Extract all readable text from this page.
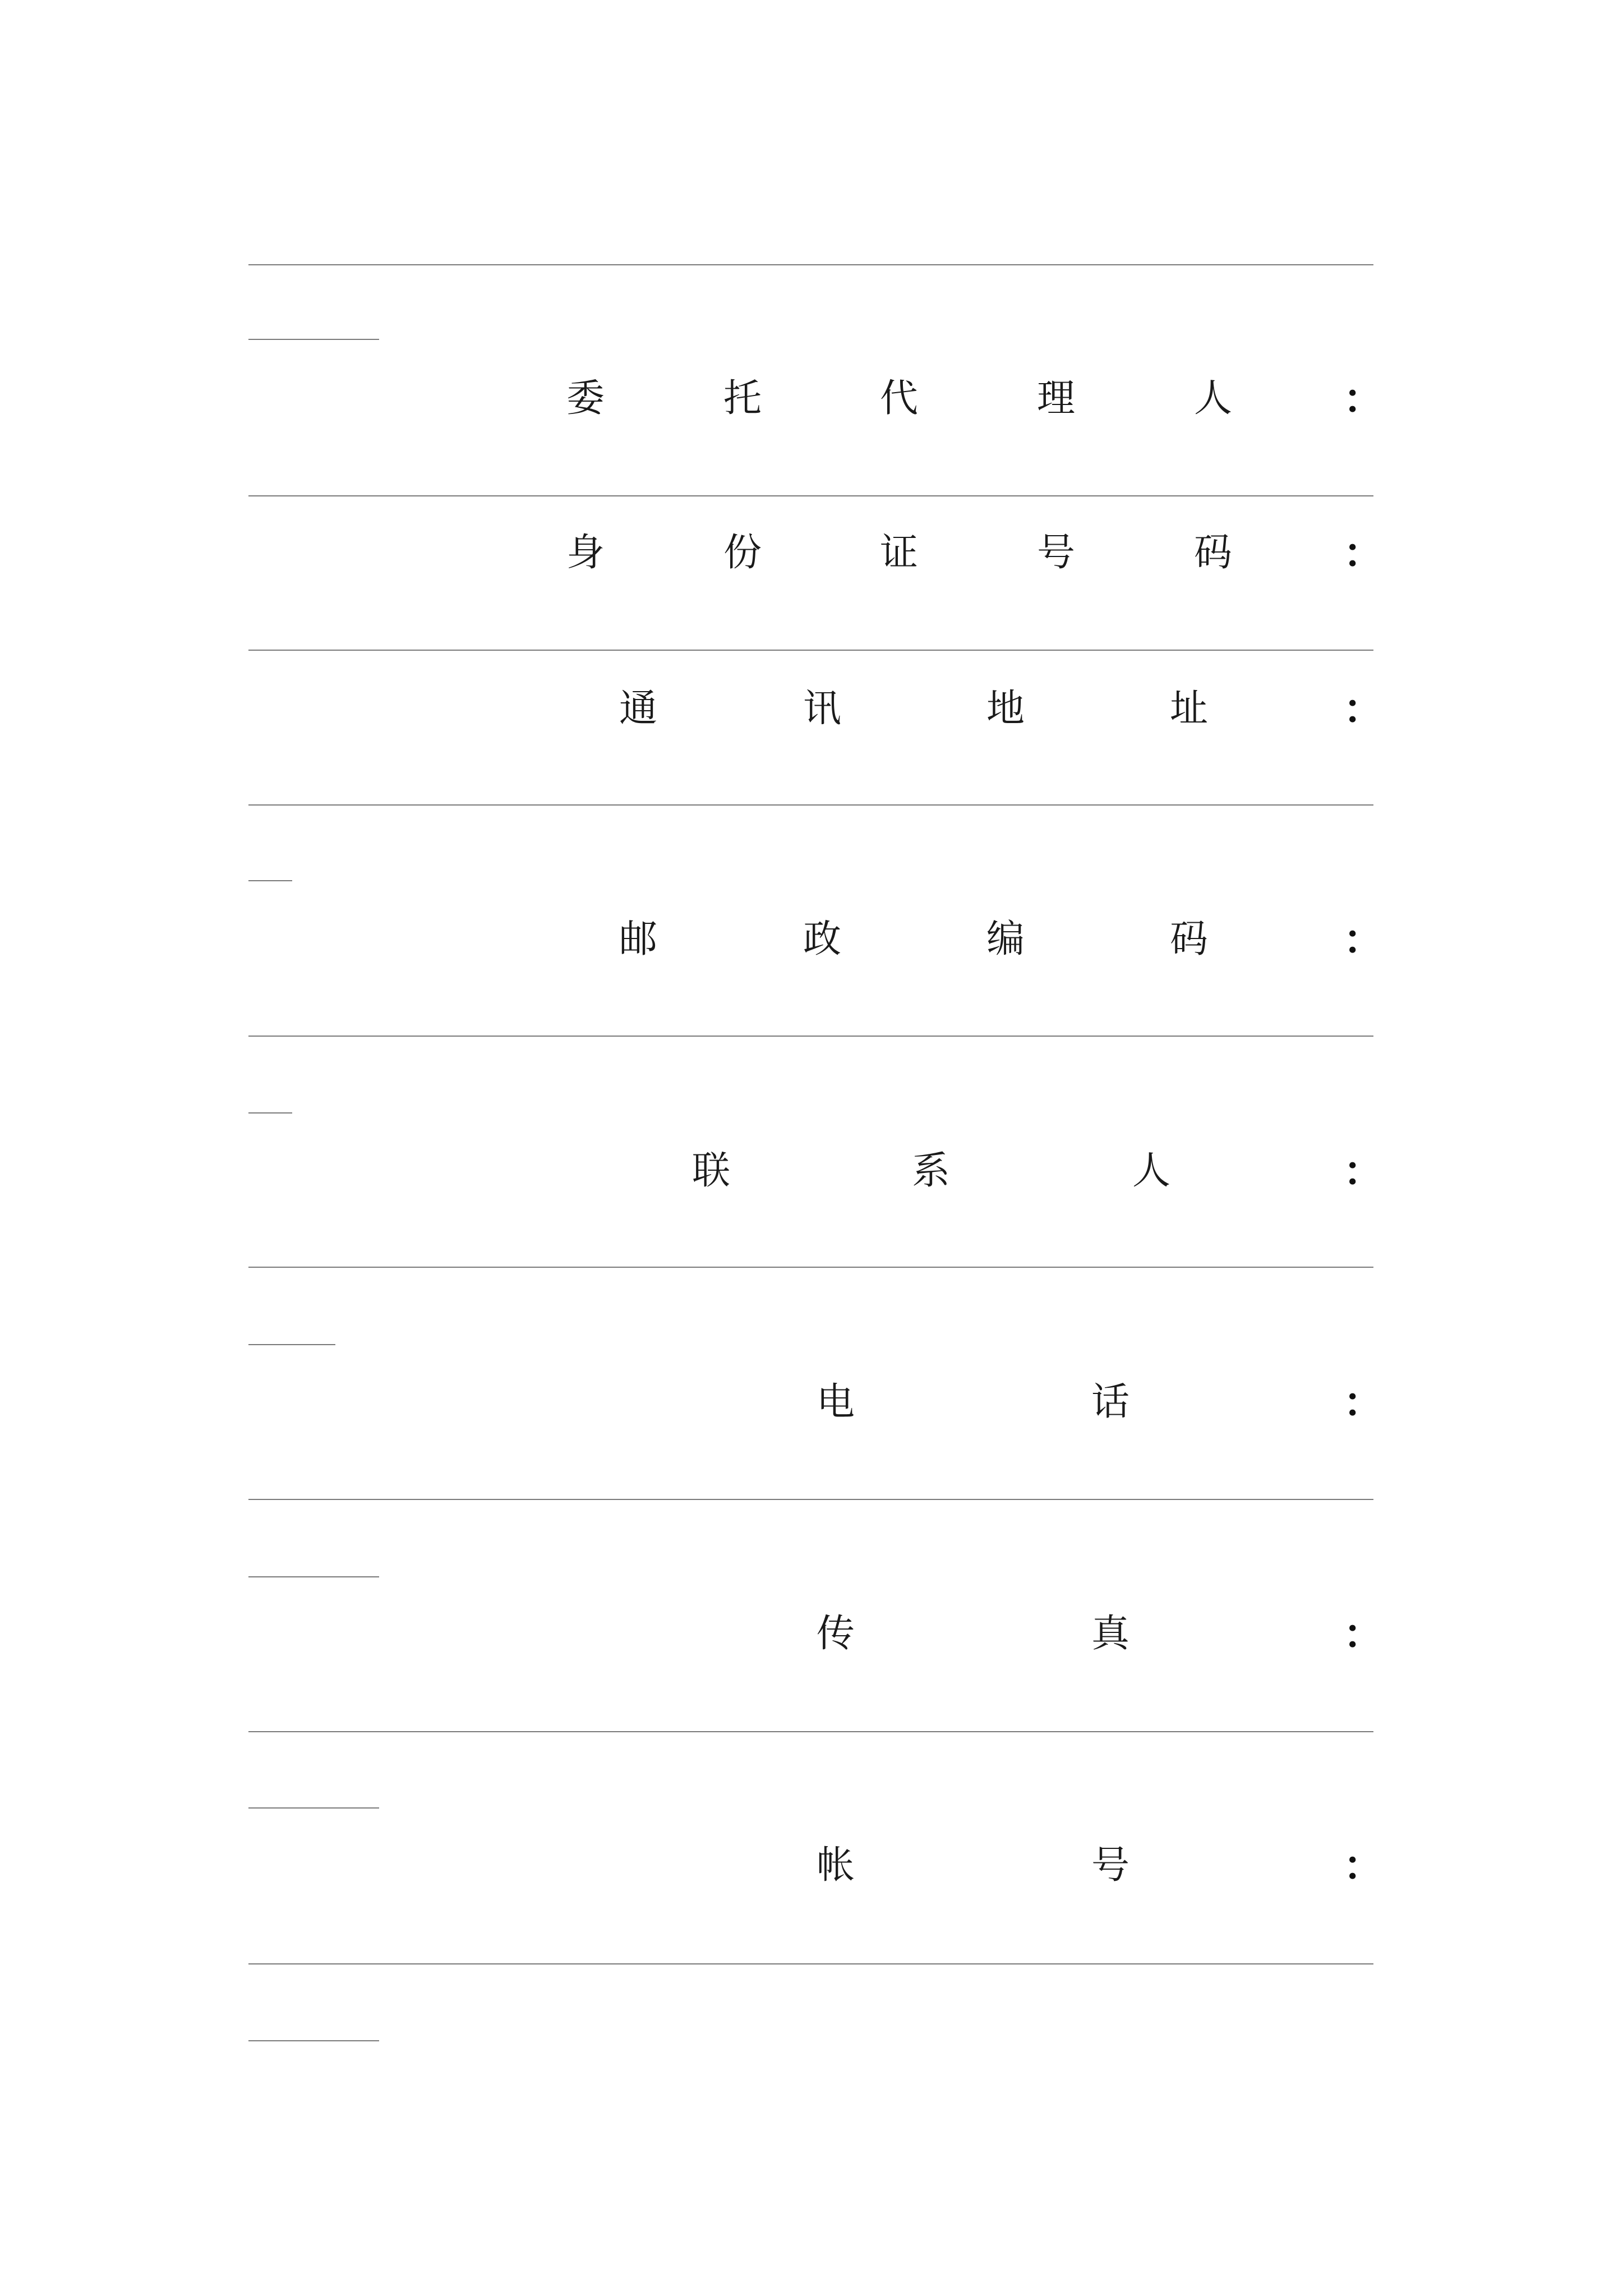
委	托	代	理	人	：
身	份	证	号	码	：
通	讯	地	址	：
邮	政	编	码	：
联	系	人	：
电	话	：
传	真	：
帐	号	：
